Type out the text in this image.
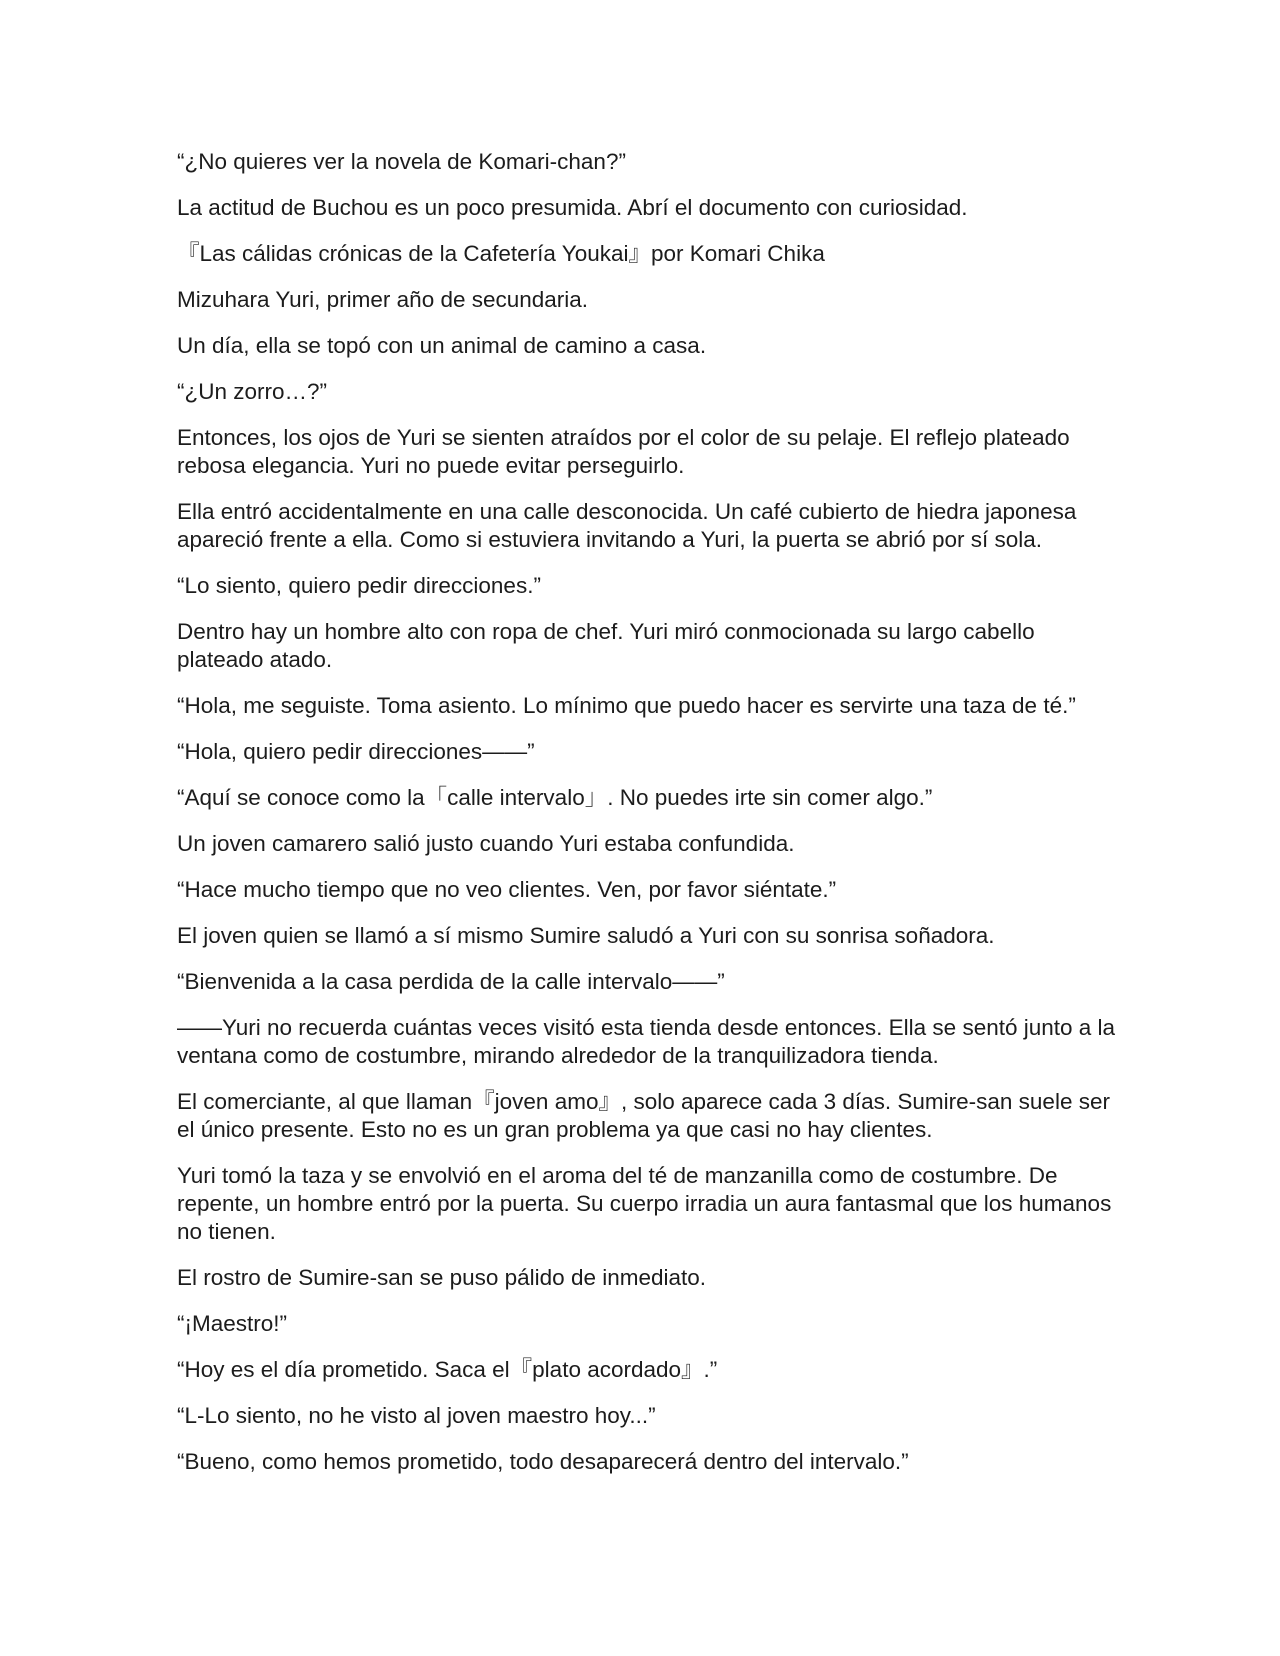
“¿No quieres ver la novela de Komari-chan?”

La actitud de Buchou es un poco presumida. Abrí el documento con curiosidad.

『Las cálidas crónicas de la Cafetería Youkai』por Komari Chika

Mizuhara Yuri, primer año de secundaria.

Un día, ella se topó con un animal de camino a casa.

“¿Un zorro…?”

Entonces, los ojos de Yuri se sienten atraídos por el color de su pelaje. El reflejo plateado rebosa elegancia. Yuri no puede evitar perseguirlo.

Ella entró accidentalmente en una calle desconocida. Un café cubierto de hiedra japonesa apareció frente a ella. Como si estuviera invitando a Yuri, la puerta se abrió por sí sola.

“Lo siento, quiero pedir direcciones.”

Dentro hay un hombre alto con ropa de chef. Yuri miró conmocionada su largo cabello plateado atado.

“Hola, me seguiste. Toma asiento. Lo mínimo que puedo hacer es servirte una taza de té.”

“Hola, quiero pedir direcciones——”

“Aquí se conoce como la「calle intervalo」. No puedes irte sin comer algo.”

Un joven camarero salió justo cuando Yuri estaba confundida.

“Hace mucho tiempo que no veo clientes. Ven, por favor siéntate.”

El joven quien se llamó a sí mismo Sumire saludó a Yuri con su sonrisa soñadora.

“Bienvenida a la casa perdida de la calle intervalo——”

——Yuri no recuerda cuántas veces visitó esta tienda desde entonces. Ella se sentó junto a la ventana como de costumbre, mirando alrededor de la tranquilizadora tienda.

El comerciante, al que llaman『joven amo』, solo aparece cada 3 días. Sumire-san suele ser el único presente. Esto no es un gran problema ya que casi no hay clientes.

Yuri tomó la taza y se envolvió en el aroma del té de manzanilla como de costumbre. De repente, un hombre entró por la puerta. Su cuerpo irradia un aura fantasmal que los humanos no tienen.

El rostro de Sumire-san se puso pálido de inmediato.

“¡Maestro!”

“Hoy es el día prometido. Saca el『plato acordado』.”

“L-Lo siento, no he visto al joven maestro hoy...”

“Bueno, como hemos prometido, todo desaparecerá dentro del intervalo.”
